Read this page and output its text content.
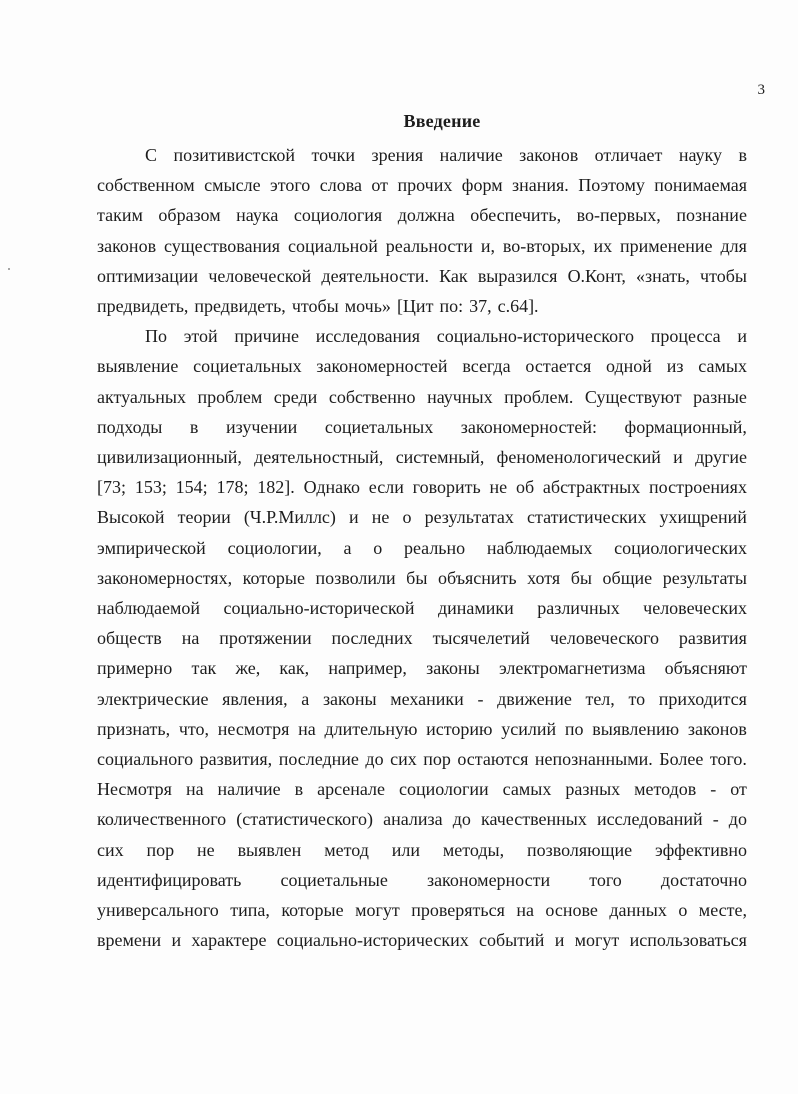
3
Введение
С позитивистской точки зрения наличие законов отличает науку в
собственном смысле этого слова от прочих форм знания. Поэтому понимаемая
таким образом наука социология должна обеспечить, во-первых, познание
законов существования социальной реальности и, во-вторых, их применение для
оптимизации человеческой деятельности. Как выразился О.Конт, «знать, чтобы
предвидеть, предвидеть, чтобы мочь» [Цит по: 37, с.64].
По этой причине исследования социально-исторического процесса и
выявление социетальных закономерностей всегда остается одной из самых
актуальных проблем среди собственно научных проблем. Существуют разные
подходы в изучении социетальных закономерностей: формационный,
цивилизационный, деятельностный, системный, феноменологический и другие
[73; 153; 154; 178; 182]. Однако если говорить не об абстрактных построениях
Высокой теории (Ч.Р.Миллс) и не о результатах статистических ухищрений
эмпирической социологии, а о реально наблюдаемых социологических
закономерностях, которые позволили бы объяснить хотя бы общие результаты
наблюдаемой социально-исторической динамики различных человеческих
обществ на протяжении последних тысячелетий человеческого развития
примерно так же, как, например, законы электромагнетизма объясняют
электрические явления, а законы механики - движение тел, то приходится
признать, что, несмотря на длительную историю усилий по выявлению законов
социального развития, последние до сих пор остаются непознанными. Более того.
Несмотря на наличие в арсенале социологии самых разных методов - от
количественного (статистического) анализа до качественных исследований - до
сих пор не выявлен метод или методы, позволяющие эффективно
идентифицировать социетальные закономерности того достаточно
универсального типа, которые могут проверяться на основе данных о месте,
времени и характере социально-исторических событий и могут использоваться
